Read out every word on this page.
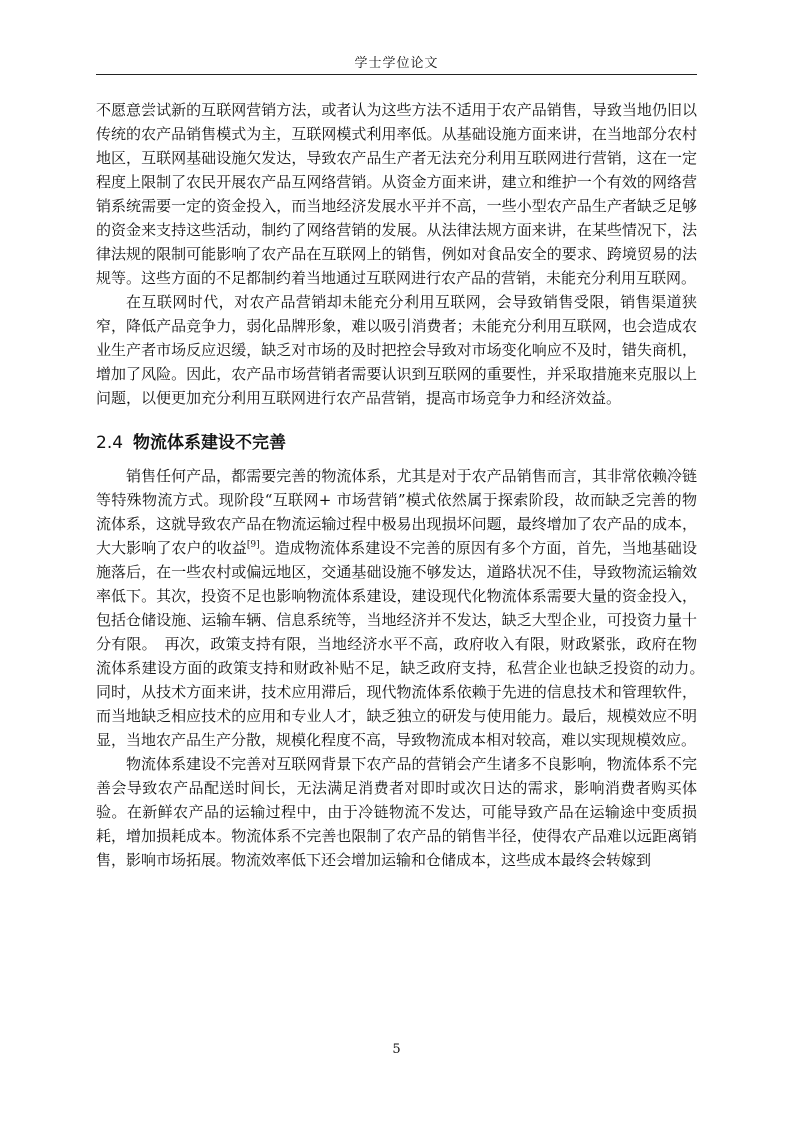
学士学位论文

不愿意尝试新的互联网营销方法，或者认为这些方法不适用于农产品销售，导致当地仍旧以传统的农产品销售模式为主，互联网模式利用率低。从基础设施方面来讲，在当地部分农村地区，互联网基础设施欠发达，导致农产品生产者无法充分利用互联网进行营销，这在一定程度上限制了农民开展农产品互网络营销。从资金方面来讲，建立和维护一个有效的网络营销系统需要一定的资金投入，而当地经济发展水平并不高，一些小型农产品生产者缺乏足够的资金来支持这些活动，制约了网络营销的发展。从法律法规方面来讲，在某些情况下，法律法规的限制可能影响了农产品在互联网上的销售，例如对食品安全的要求、跨境贸易的法规等。这些方面的不足都制约着当地通过互联网进行农产品的营销，未能充分利用互联网。

在互联网时代，对农产品营销却未能充分利用互联网，会导致销售受限，销售渠道狭窄，降低产品竞争力，弱化品牌形象，难以吸引消费者；未能充分利用互联网，也会造成农业生产者市场反应迟缓，缺乏对市场的及时把控会导致对市场变化响应不及时，错失商机，增加了风险。因此，农产品市场营销者需要认识到互联网的重要性，并采取措施来克服以上问题，以便更加充分利用互联网进行农产品营销，提高市场竞争力和经济效益。

2.4 物流体系建设不完善

销售任何产品，都需要完善的物流体系，尤其是对于农产品销售而言，其非常依赖冷链等特殊物流方式。现阶段“互联网+ 市场营销”模式依然属于探索阶段，故而缺乏完善的物流体系，这就导致农产品在物流运输过程中极易出现损坏问题，最终增加了农产品的成本，大大影响了农户的收益[9]。造成物流体系建设不完善的原因有多个方面，首先，当地基础设施落后，在一些农村或偏远地区，交通基础设施不够发达，道路状况不佳，导致物流运输效率低下。其次，投资不足也影响物流体系建设，建设现代化物流体系需要大量的资金投入，包括仓储设施、运输车辆、信息系统等，当地经济并不发达，缺乏大型企业，可投资力量十分有限。　再次，政策支持有限，当地经济水平不高，政府收入有限，财政紧张，政府在物流体系建设方面的政策支持和财政补贴不足，缺乏政府支持，私营企业也缺乏投资的动力。　同时，从技术方面来讲，技术应用滞后，现代物流体系依赖于先进的信息技术和管理软件，而当地缺乏相应技术的应用和专业人才，缺乏独立的研发与使用能力。最后，规模效应不明显，当地农产品生产分散，规模化程度不高，导致物流成本相对较高，难以实现规模效应。

物流体系建设不完善对互联网背景下农产品的营销会产生诸多不良影响，物流体系不完善会导致农产品配送时间长，无法满足消费者对即时或次日达的需求，影响消费者购买体验。在新鲜农产品的运输过程中，由于冷链物流不发达，可能导致产品在运输途中变质损耗，增加损耗成本。物流体系不完善也限制了农产品的销售半径，使得农产品难以远距离销售，影响市场拓展。物流效率低下还会增加运输和仓储成本，这些成本最终会转嫁到

5
